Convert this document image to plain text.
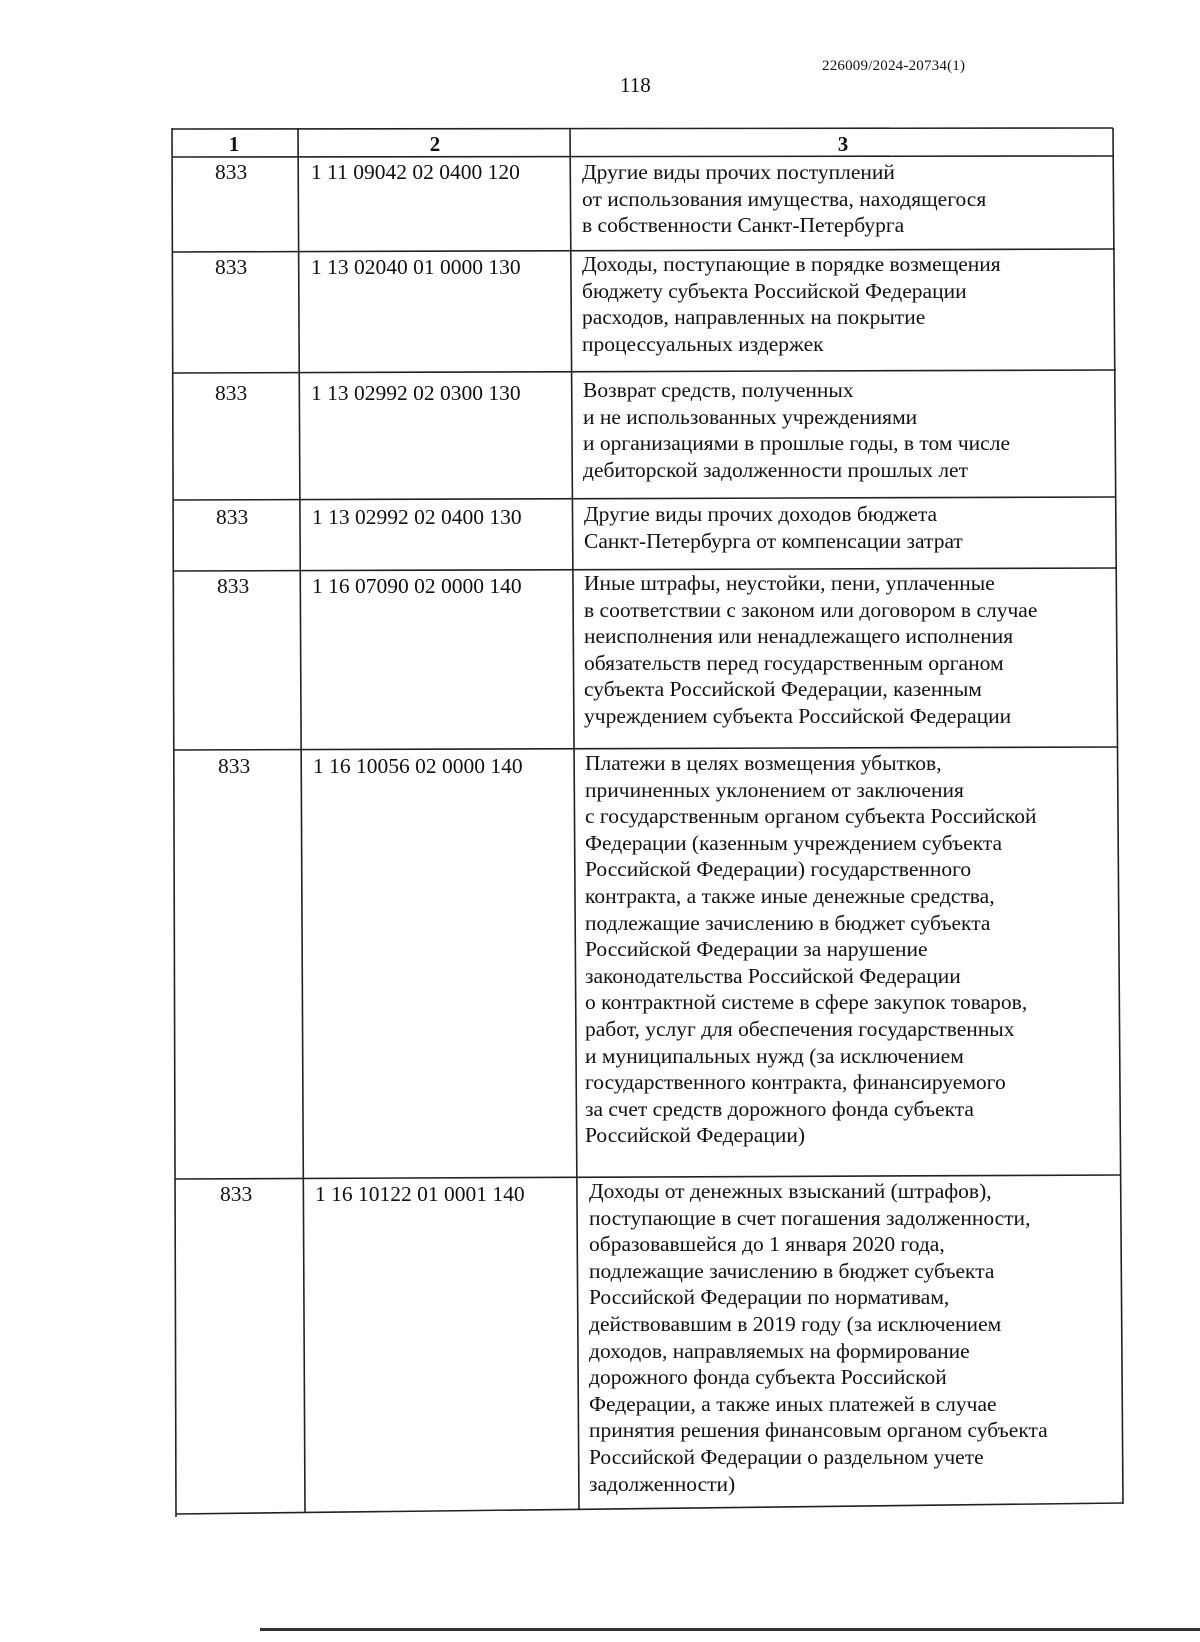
226009/2024-20734(1)
118
1	2	3
833	1 11 09042 02 0400 120	Другие виды прочих поступлений
от использования имущества, находящегося
в собственности Санкт-Петербурга
833	1 13 02040 01 0000 130	Доходы, поступающие в порядке возмещения
бюджету субъекта Российской Федерации
расходов, направленных на покрытие
процессуальных издержек
833	1 13 02992 02 0300 130	Возврат средств, полученных
и не использованных учреждениями
и организациями в прошлые годы, в том числе
дебиторской задолженности прошлых лет
833	1 13 02992 02 0400 130	Другие виды прочих доходов бюджета
Санкт-Петербурга от компенсации затрат
833	1 16 07090 02 0000 140	Иные штрафы, неустойки, пени, уплаченные
в соответствии с законом или договором в случае
неисполнения или ненадлежащего исполнения
обязательств перед государственным органом
субъекта Российской Федерации, казенным
учреждением субъекта Российской Федерации
833	1 16 10056 02 0000 140	Платежи в целях возмещения убытков,
причиненных уклонением от заключения
с государственным органом субъекта Российской
Федерации (казенным учреждением субъекта
Российской Федерации) государственного
контракта, а также иные денежные средства,
подлежащие зачислению в бюджет субъекта
Российской Федерации за нарушение
законодательства Российской Федерации
о контрактной системе в сфере закупок товаров,
работ, услуг для обеспечения государственных
и муниципальных нужд (за исключением
государственного контракта, финансируемого
за счет средств дорожного фонда субъекта
Российской Федерации)
833	1 16 10122 01 0001 140	Доходы от денежных взысканий (штрафов),
поступающие в счет погашения задолженности,
образовавшейся до 1 января 2020 года,
подлежащие зачислению в бюджет субъекта
Российской Федерации по нормативам,
действовавшим в 2019 году (за исключением
доходов, направляемых на формирование
дорожного фонда субъекта Российской
Федерации, а также иных платежей в случае
принятия решения финансовым органом субъекта
Российской Федерации о раздельном учете
задолженности)
